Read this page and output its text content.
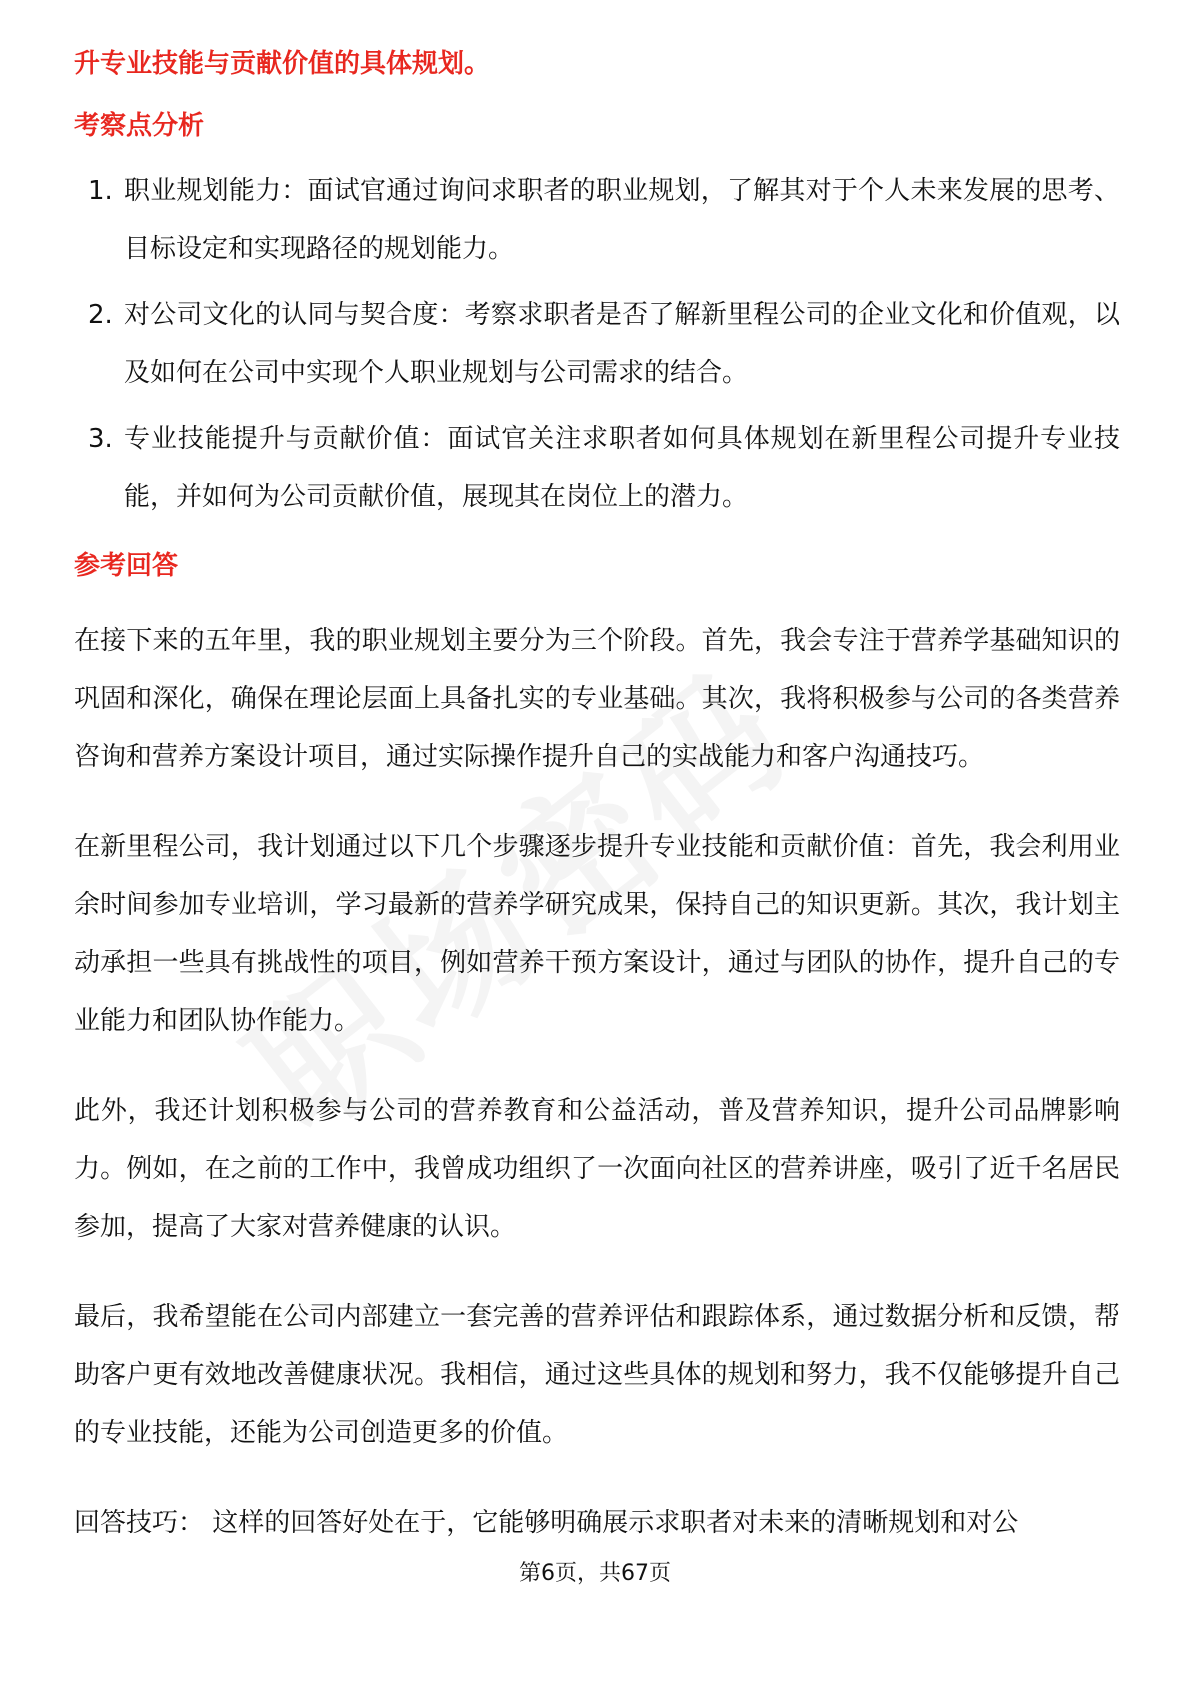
升专业技能与贡献价值的具体规划。

考察点分析

1. 职业规划能力：面试官通过询问求职者的职业规划，了解其对于个人未来发展的思考、目标设定和实现路径的规划能力。

2. 对公司文化的认同与契合度：考察求职者是否了解新里程公司的企业文化和价值观，以及如何在公司中实现个人职业规划与公司需求的结合。

3. 专业技能提升与贡献价值：面试官关注求职者如何具体规划在新里程公司提升专业技能，并如何为公司贡献价值，展现其在岗位上的潜力。

参考回答

在接下来的五年里，我的职业规划主要分为三个阶段。首先，我会专注于营养学基础知识的巩固和深化，确保在理论层面上具备扎实的专业基础。其次，我将积极参与公司的各类营养咨询和营养方案设计项目，通过实际操作提升自己的实战能力和客户沟通技巧。

在新里程公司，我计划通过以下几个步骤逐步提升专业技能和贡献价值：首先，我会利用业余时间参加专业培训，学习最新的营养学研究成果，保持自己的知识更新。其次，我计划主动承担一些具有挑战性的项目，例如营养干预方案设计，通过与团队的协作，提升自己的专业能力和团队协作能力。

此外，我还计划积极参与公司的营养教育和公益活动，普及营养知识，提升公司品牌影响力。例如，在之前的工作中，我曾成功组织了一次面向社区的营养讲座，吸引了近千名居民参加，提高了大家对营养健康的认识。

最后，我希望能在公司内部建立一套完善的营养评估和跟踪体系，通过数据分析和反馈，帮助客户更有效地改善健康状况。我相信，通过这些具体的规划和努力，我不仅能够提升自己的专业技能，还能为公司创造更多的价值。

回答技巧： 这样的回答好处在于，它能够明确展示求职者对未来的清晰规划和对公

第6页，共67页
